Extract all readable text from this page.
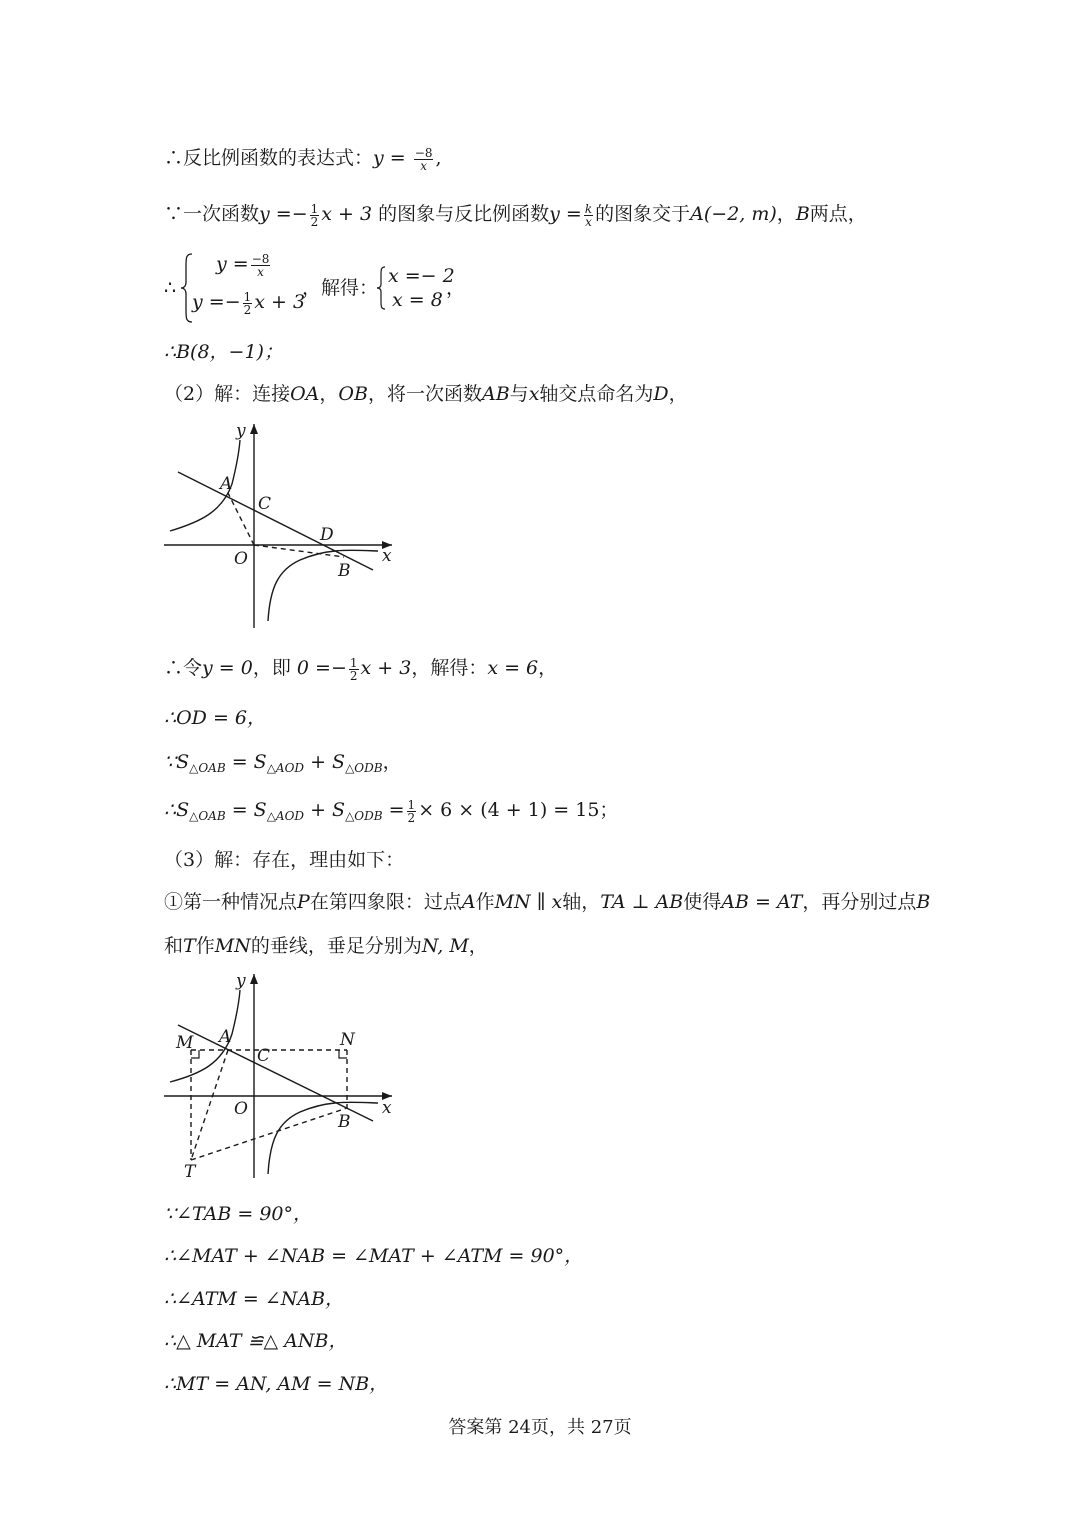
∴反比例函数的表达式：$y = \frac{-8}{x}$ ,
∵一次函数$y =- \frac{1}{2}$ x + 3 的图象与反比例函数$y = \frac{k}{x}$ 的图象交于A(−2, m)，B两点，
∴
$y = \frac{-8}{x}$
$y =- \frac{1}{2}$ x + 3
，解得：
x =− 2
x = 8
，
∴B(8，−1)；
（2）解：连接OA，OB，将一次函数AB与x轴交点命名为D，
y
x
A
C
D
O
B
∴令y = 0，即 $0 =- \frac{1}{2}$ x + 3，解得：x = 6，
∴OD = 6，
$\because S_{\triangle OAB} = S_{\triangle AOD} + S_{\triangle ODB}$，
$\therefore S_{\triangle OAB} = S_{\triangle AOD} + S_{\triangle ODB} = \frac{1}{2} \times 6 \times (4 + 1) = 15$；
（3）解：存在，理由如下：
①第一种情况点P在第四象限：过点A作MN ∥ x轴，TA ⊥ AB使得AB = AT，再分别过点B
和T作MN的垂线，垂足分别为N, M，
y
x
A
C
M	N
O
B
T
∵∠TAB = 90°，
∴∠MAT + ∠NAB = ∠MAT + ∠ATM = 90°，
∴∠ATM = ∠NAB，
∴△ MAT ≌△ ANB，
∴MT = AN, AM = NB，
答案第 24页，共 27页
